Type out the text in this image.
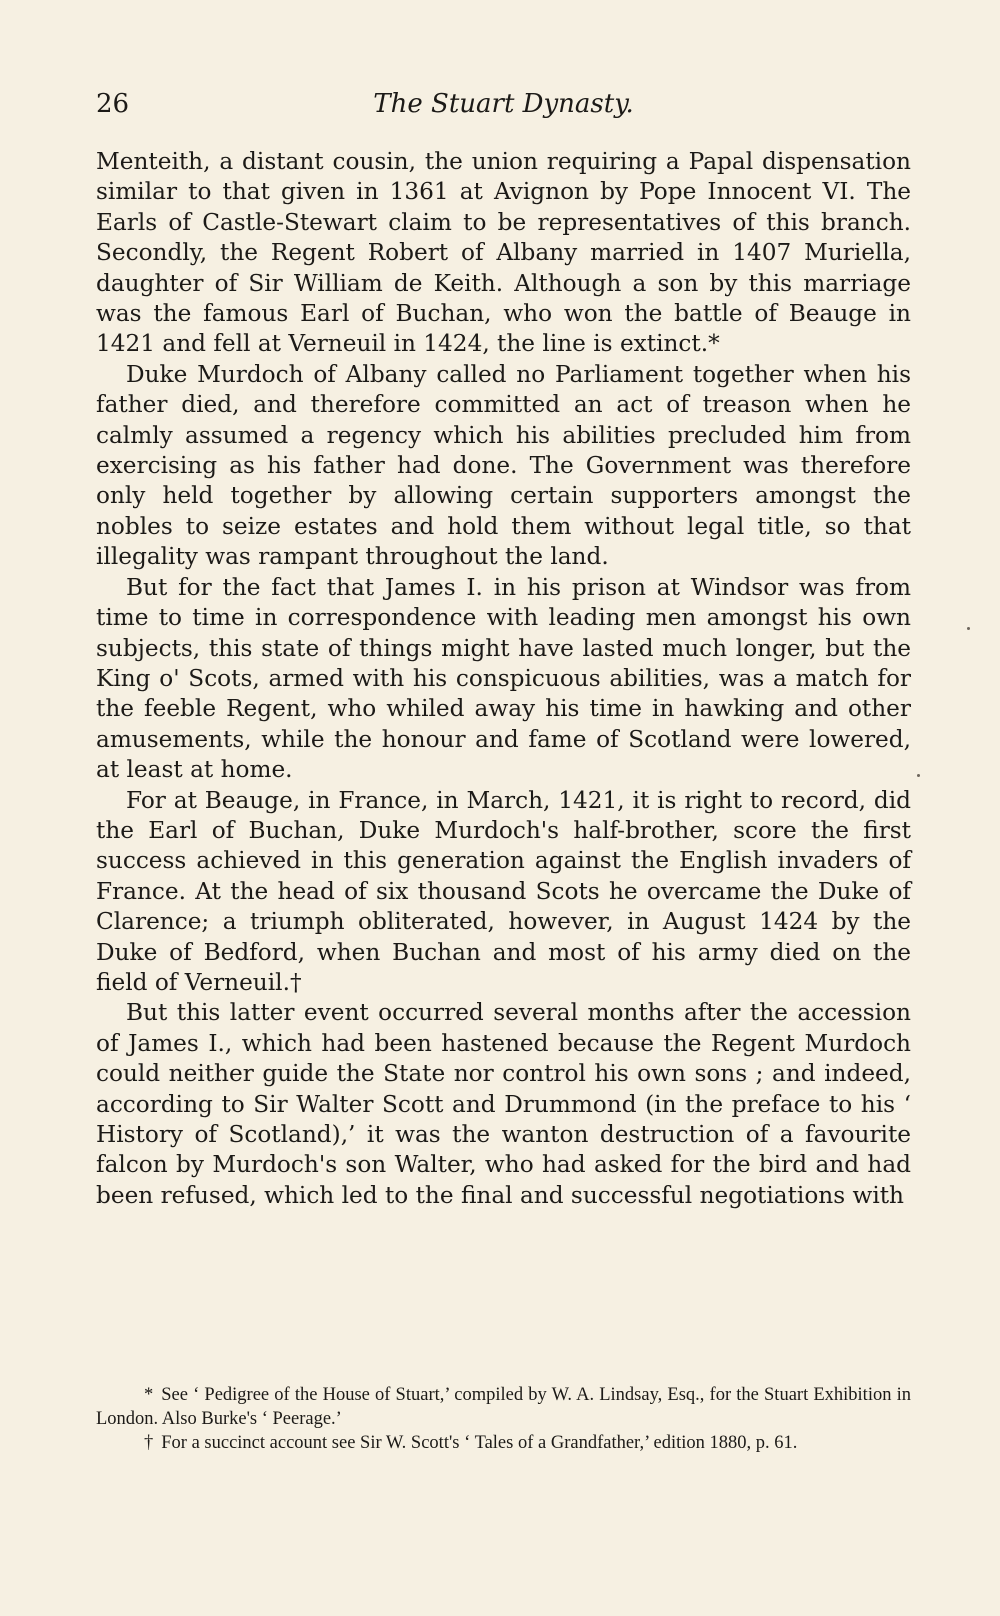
26	The Stuart Dynasty.

Menteith, a distant cousin, the union requiring a Papal dispensation similar to that given in 1361 at Avignon by Pope Innocent VI. The Earls of Castle-Stewart claim to be representatives of this branch. Secondly, the Regent Robert of Albany married in 1407 Muriella, daughter of Sir William de Keith. Although a son by this marriage was the famous Earl of Buchan, who won the battle of Beauge in 1421 and fell at Verneuil in 1424, the line is extinct.*

Duke Murdoch of Albany called no Parliament together when his father died, and therefore committed an act of treason when he calmly assumed a regency which his abilities precluded him from exercising as his father had done. The Government was therefore only held together by allowing certain supporters amongst the nobles to seize estates and hold them without legal title, so that illegality was rampant throughout the land.

But for the fact that James I. in his prison at Windsor was from time to time in correspondence with leading men amongst his own subjects, this state of things might have lasted much longer, but the King o' Scots, armed with his conspicuous abilities, was a match for the feeble Regent, who whiled away his time in hawking and other amusements, while the honour and fame of Scotland were lowered, at least at home.

For at Beauge, in France, in March, 1421, it is right to record, did the Earl of Buchan, Duke Murdoch's half-brother, score the first success achieved in this generation against the English invaders of France. At the head of six thousand Scots he overcame the Duke of Clarence; a triumph obliterated, however, in August 1424 by the Duke of Bedford, when Buchan and most of his army died on the field of Verneuil.†

But this latter event occurred several months after the accession of James I., which had been hastened because the Regent Murdoch could neither guide the State nor control his own sons ; and indeed, according to Sir Walter Scott and Drummond (in the preface to his ‘ History of Scotland),’ it was the wanton destruction of a favourite falcon by Murdoch's son Walter, who had asked for the bird and had been refused, which led to the final and successful negotiations with

* See ‘ Pedigree of the House of Stuart,’ compiled by W. A. Lindsay, Esq., for the Stuart Exhibition in London. Also Burke's ‘ Peerage.’

† For a succinct account see Sir W. Scott's ‘ Tales of a Grandfather,’ edition 1880, p. 61.
